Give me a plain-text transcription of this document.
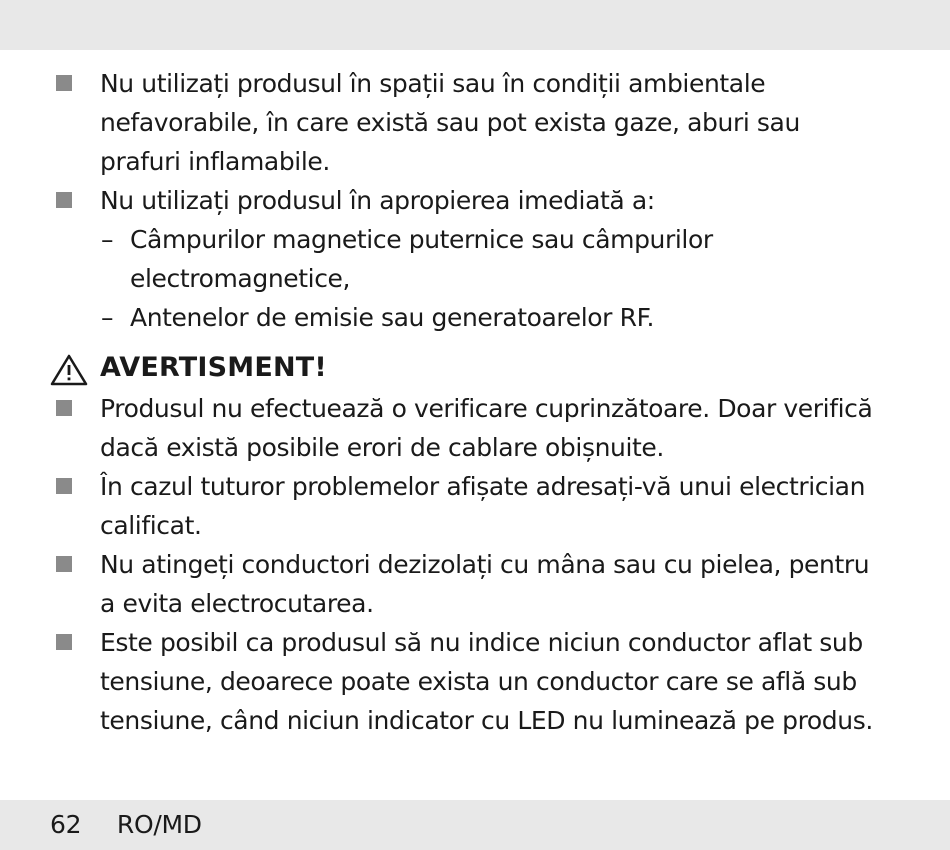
Nu utilizați produsul în spații sau în condiții ambientale nefavorabile, în care există sau pot exista gaze, aburi sau prafuri inflamabile.
Nu utilizați produsul în apropierea imediată a:
– Câmpurilor magnetice puternice sau câmpurilor electromagnetice,
– Antenelor de emisie sau generatoarelor RF.
AVERTISMENT!
Produsul nu efectuează o verificare cuprinzătoare. Doar verifică dacă există posibile erori de cablare obișnuite.
În cazul tuturor problemelor afișate adresați-vă unui electrician calificat.
Nu atingeți conductori dezizolați cu mâna sau cu pielea, pentru a evita electrocutarea.
Este posibil ca produsul să nu indice niciun conductor aflat sub tensiune, deoarece poate exista un conductor care se află sub tensiune, când niciun indicator cu LED nu luminează pe produs.
62 RO/MD
